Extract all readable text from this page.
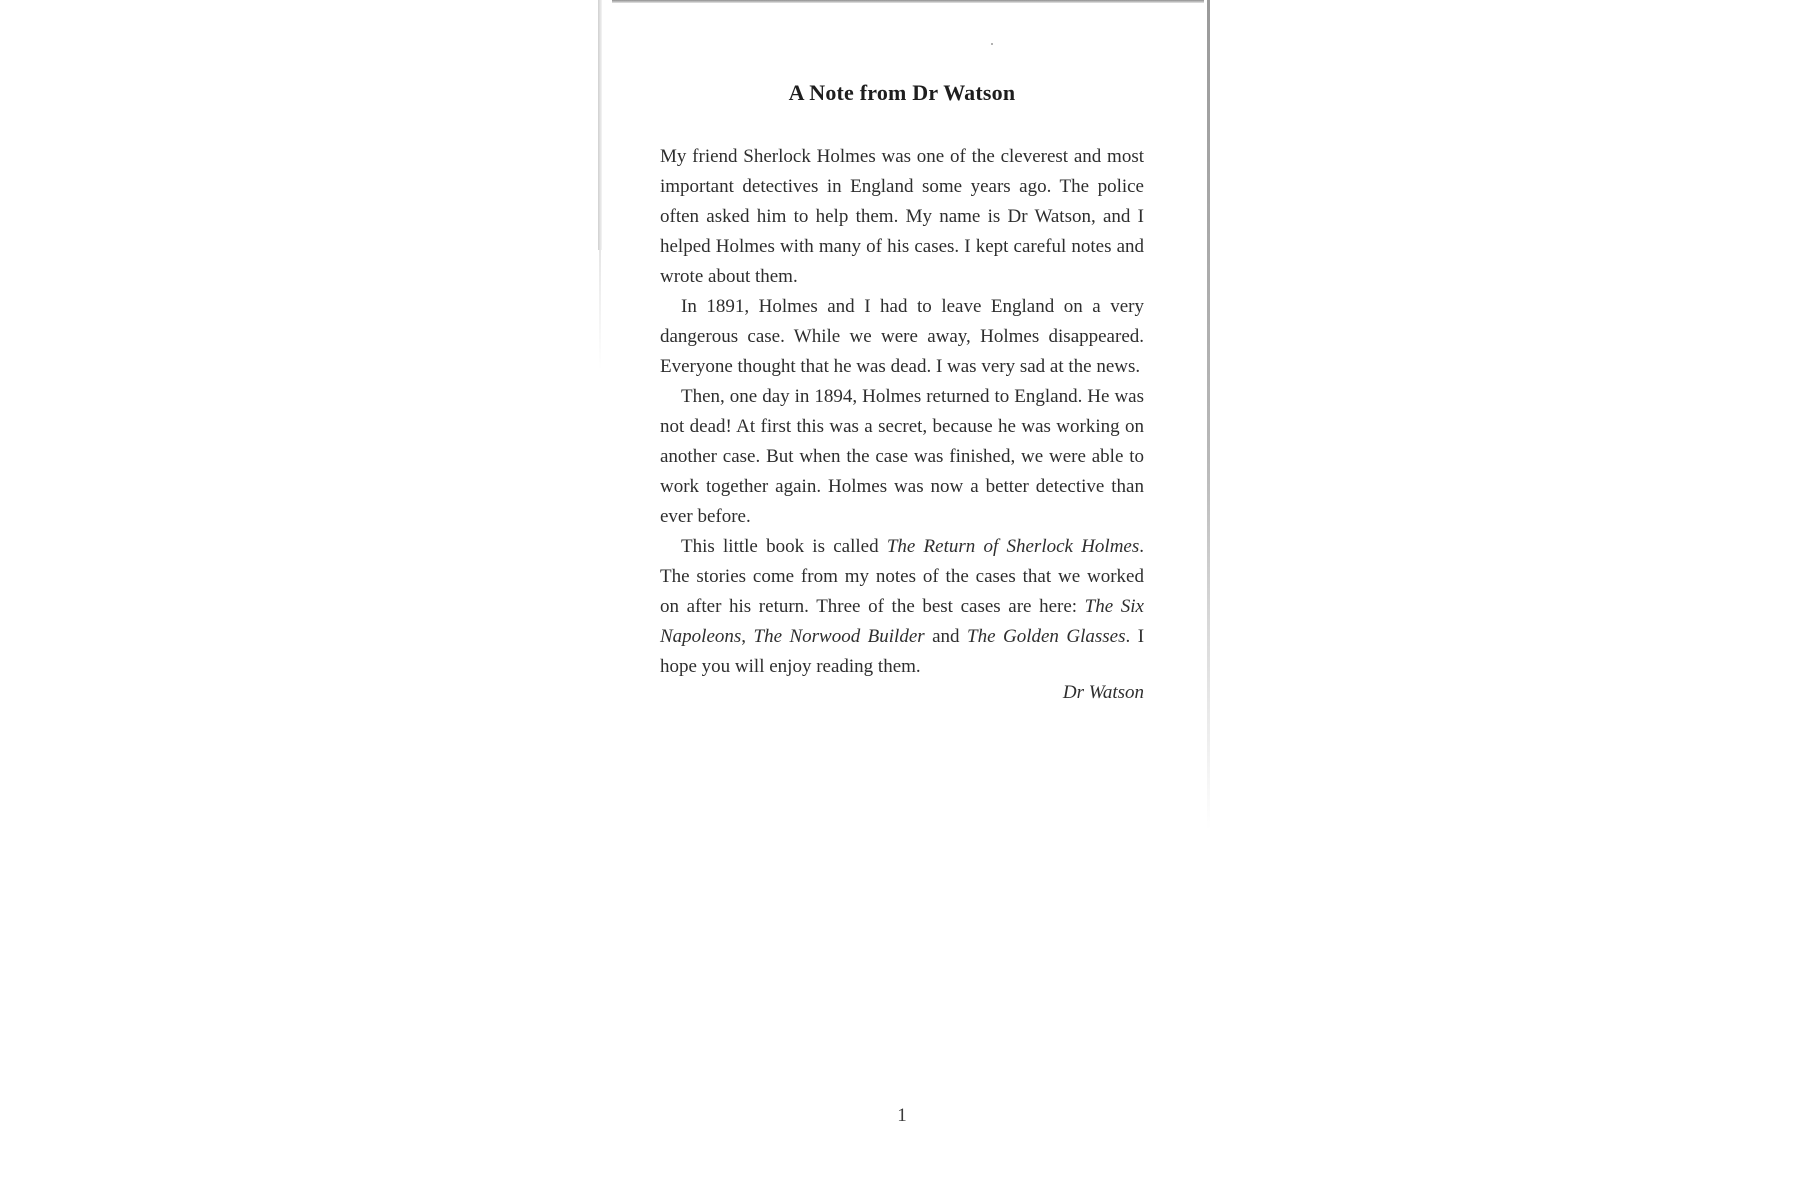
A Note from Dr Watson

My friend Sherlock Holmes was one of the cleverest and most important detectives in England some years ago. The police often asked him to help them. My name is Dr Watson, and I helped Holmes with many of his cases. I kept careful notes and wrote about them.

In 1891, Holmes and I had to leave England on a very dangerous case. While we were away, Holmes disappeared. Everyone thought that he was dead. I was very sad at the news.

Then, one day in 1894, Holmes returned to England. He was not dead! At first this was a secret, because he was working on another case. But when the case was finished, we were able to work together again. Holmes was now a better detective than ever before.

This little book is called The Return of Sherlock Holmes. The stories come from my notes of the cases that we worked on after his return. Three of the best cases are here: The Six Napoleons, The Norwood Builder and The Golden Glasses. I hope you will enjoy reading them.

Dr Watson
1
